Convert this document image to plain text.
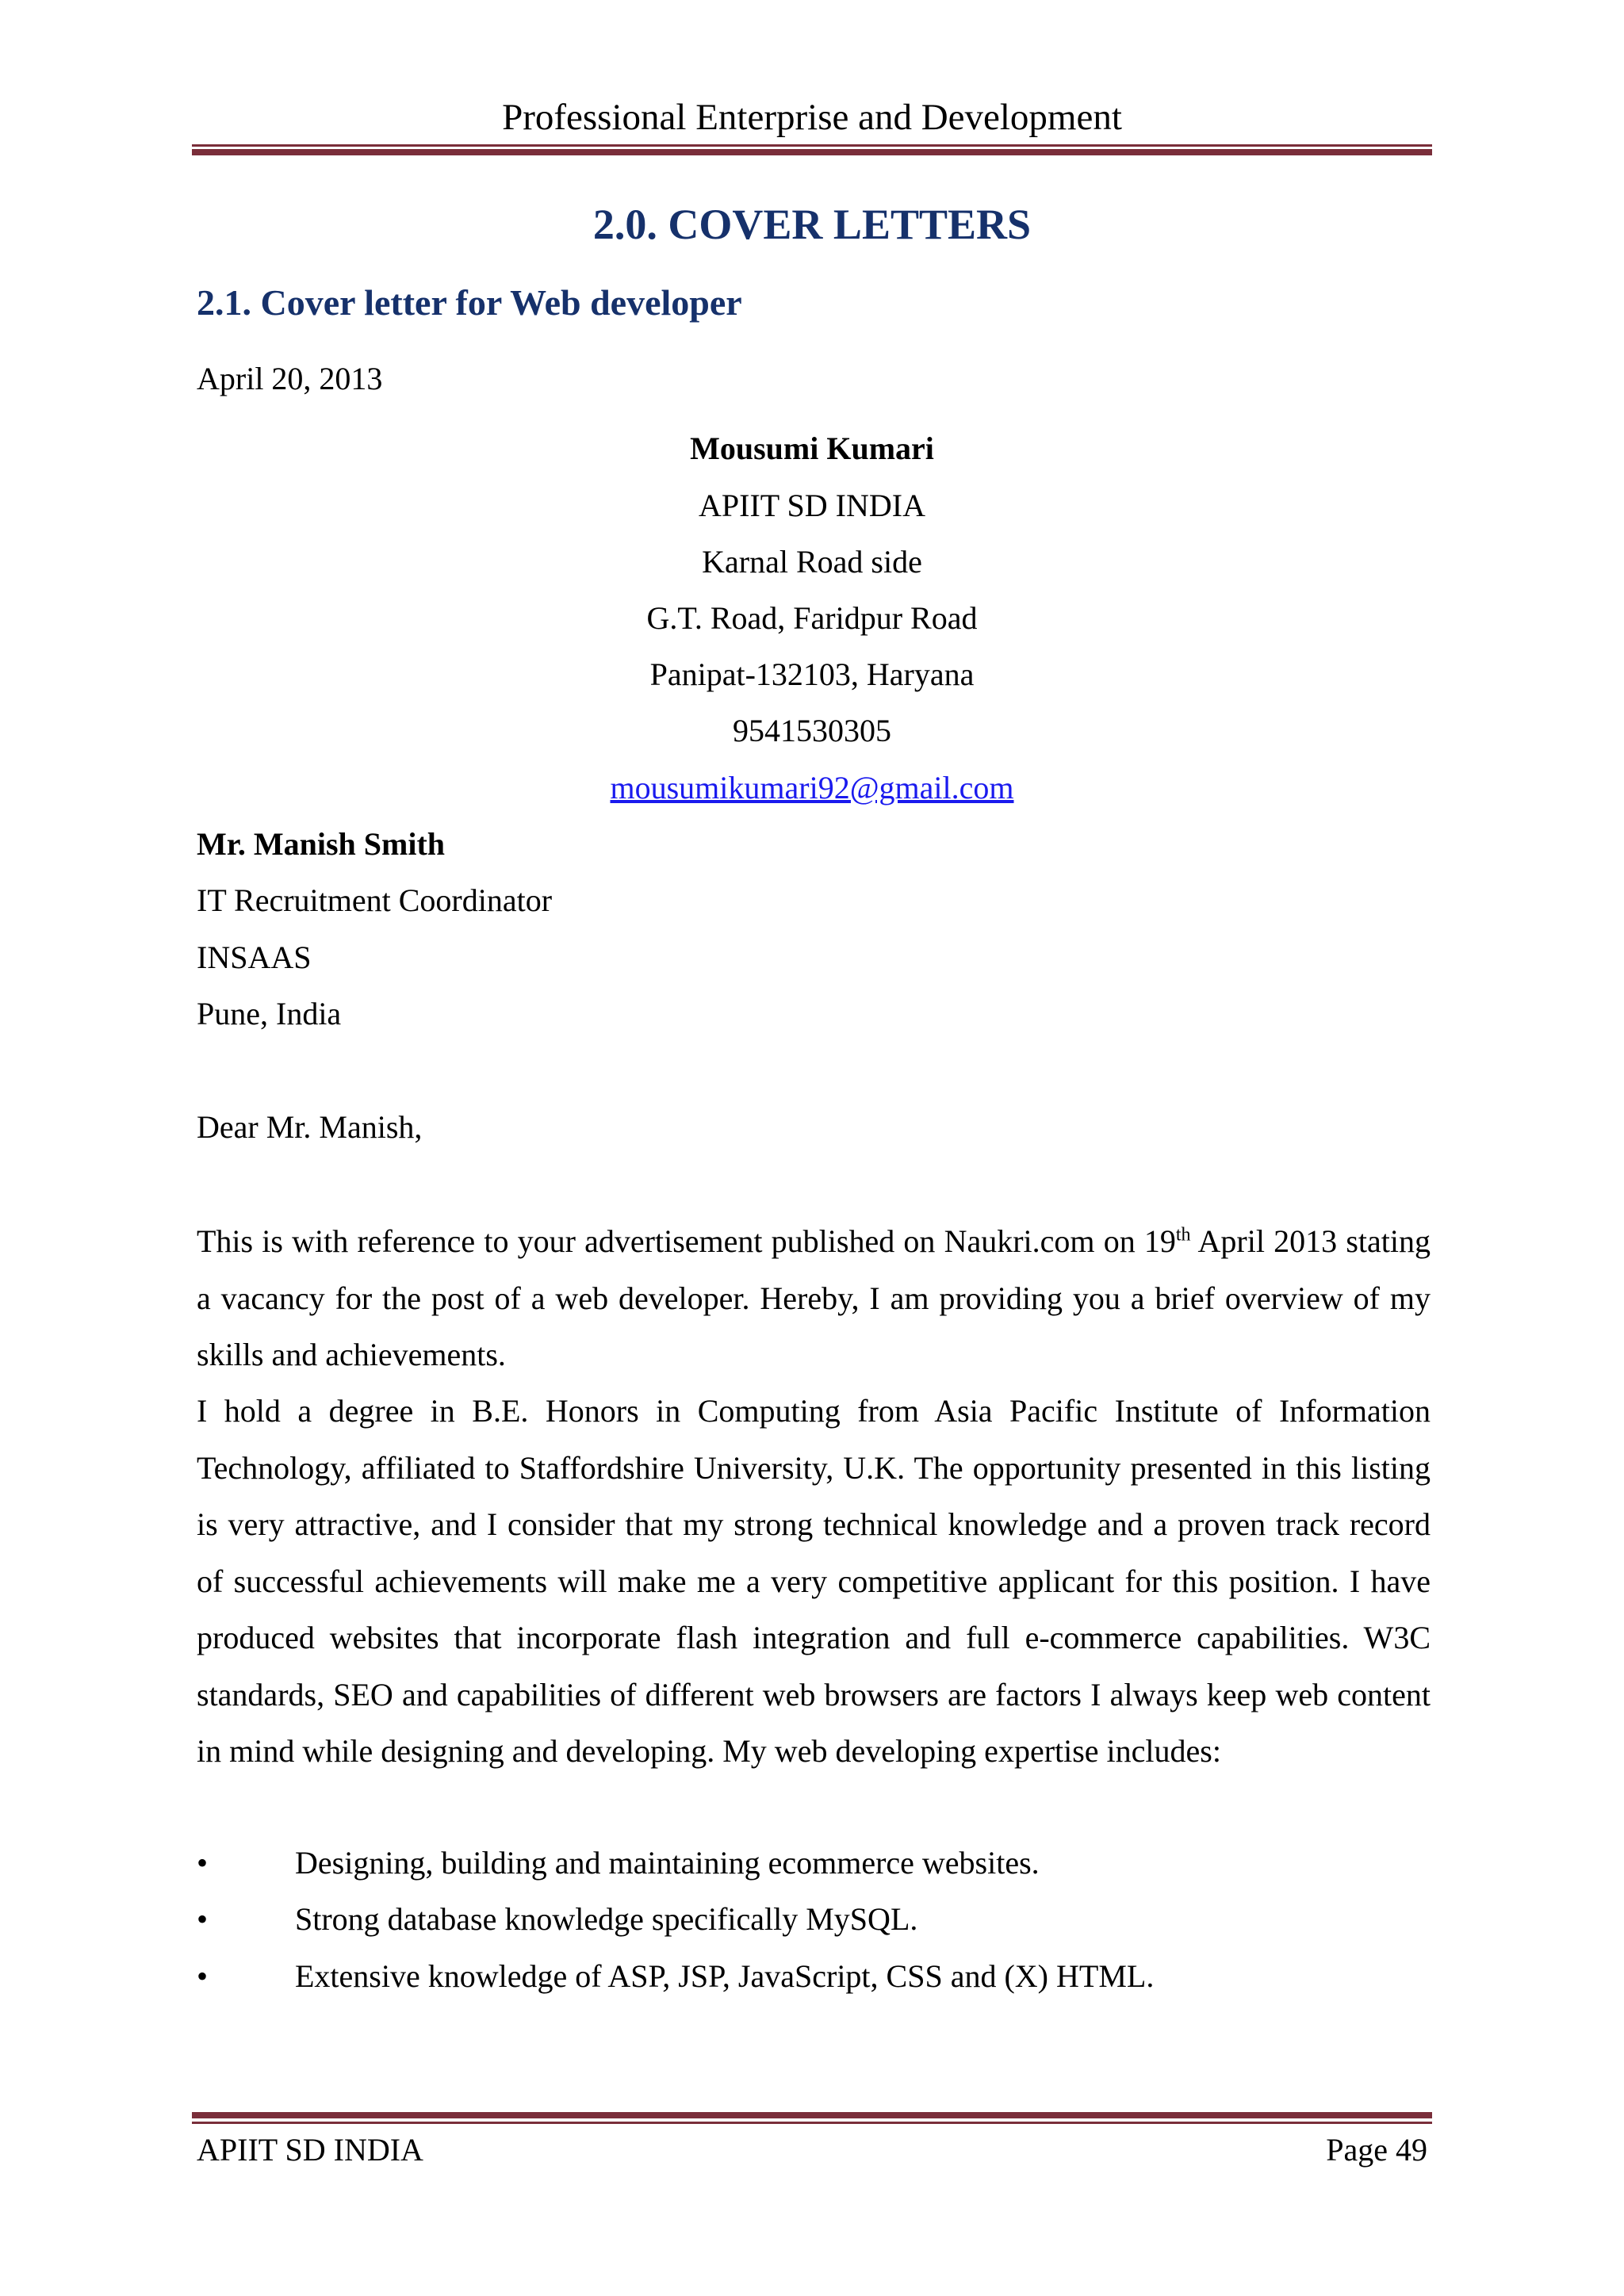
Professional Enterprise and Development
2.0. COVER LETTERS
2.1. Cover letter for Web developer
April 20, 2013
Mousumi Kumari
APIIT SD INDIA
Karnal Road side
G.T. Road, Faridpur Road
Panipat-132103, Haryana
9541530305
mousumikumari92@gmail.com
Mr. Manish Smith
IT Recruitment Coordinator
INSAAS
Pune, India
Dear Mr. Manish,

This is with reference to your advertisement published on Naukri.com on 19th April 2013 stating a vacancy for the post of a web developer. Hereby, I am providing you a brief overview of my skills and achievements.

I hold a degree in B.E. Honors in Computing from Asia Pacific Institute of Information Technology, affiliated to Staffordshire University, U.K. The opportunity presented in this listing is very attractive, and I consider that my strong technical knowledge and a proven track record of successful achievements will make me a very competitive applicant for this position. I have produced websites that incorporate flash integration and full e-commerce capabilities. W3C standards, SEO and capabilities of different web browsers are factors I always keep web content in mind while designing and developing. My web developing expertise includes:

•	Designing, building and maintaining ecommerce websites.
•	Strong database knowledge specifically MySQL.
•	Extensive knowledge of ASP, JSP, JavaScript, CSS and (X) HTML.
APIIT SD INDIA	Page 49
